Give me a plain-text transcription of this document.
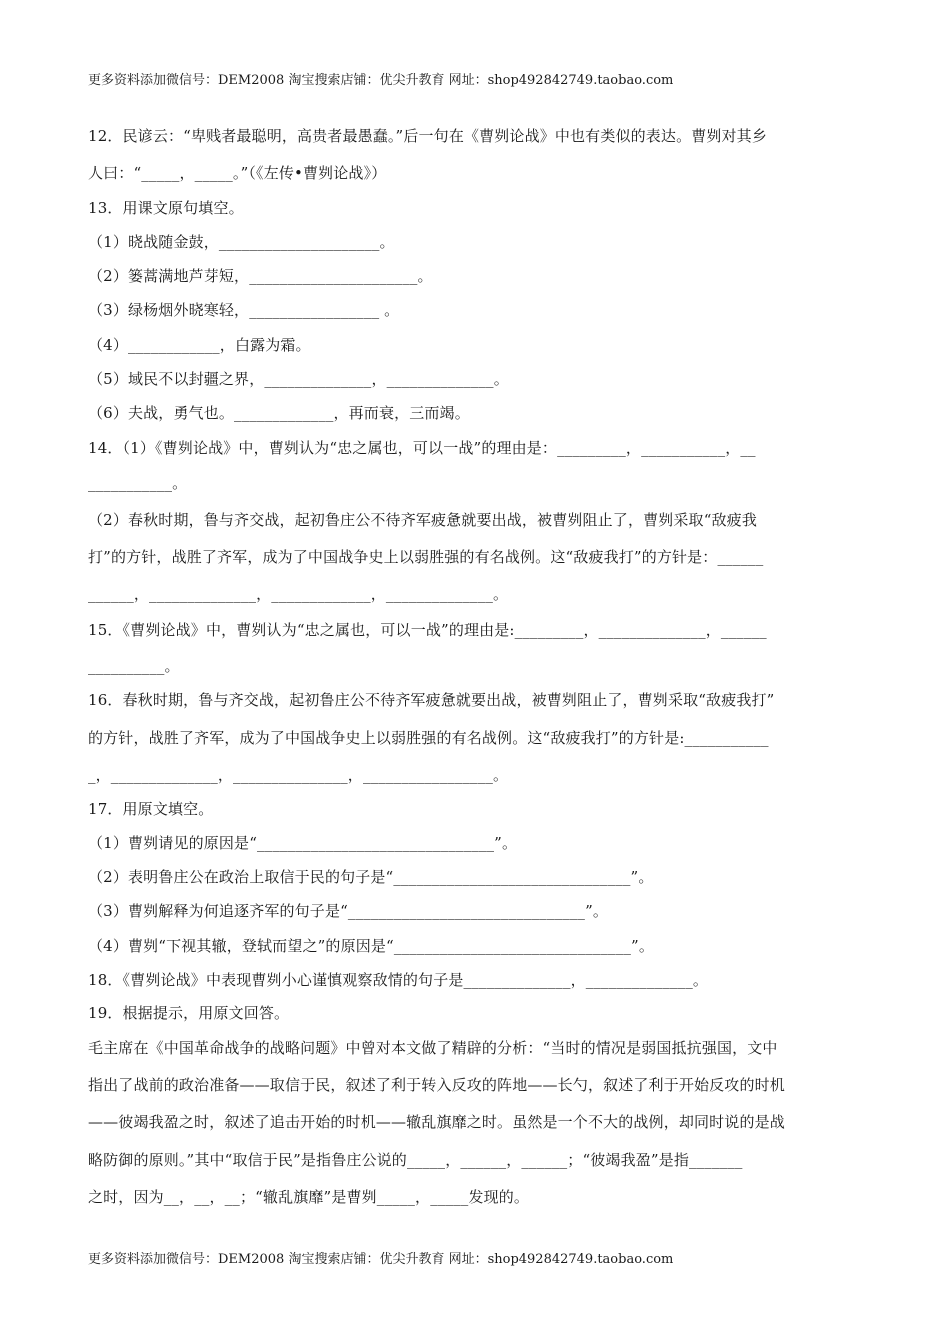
更多资料添加微信号：DEM2008 淘宝搜索店铺：优尖升教育 网址：shop492842749.taobao.com
12．民谚云：“卑贱者最聪明，高贵者最愚蠢。”后一句在《曹刿论战》中也有类似的表达。曹刿对其乡
人曰：“_____，_____。”（《左传•曹刿论战》）
13．用课文原句填空。
（1）晓战随金鼓，_____________________。
（2）篓蒿满地芦芽短，______________________。
（3）绿杨烟外晓寒轻，_________________ 。
（4）____________，白露为霜。
（5）域民不以封疆之界，______________，______________。
（6）夫战，勇气也。_____________，再而衰，三而竭。
14．（1）《曹刿论战》中，曹刿认为“忠之属也，可以一战”的理由是：_________，___________，__
___________。
（2）春秋时期，鲁与齐交战，起初鲁庄公不待齐军疲惫就要出战，被曹刿阻止了，曹刿采取“敌疲我
打”的方针，战胜了齐军，成为了中国战争史上以弱胜强的有名战例。这“敌疲我打”的方针是：______
______，______________，_____________，______________。
15．《曹刿论战》中，曹刿认为“忠之属也，可以一战”的理由是:_________，______________，______
__________。
16．春秋时期，鲁与齐交战，起初鲁庄公不待齐军疲惫就要出战，被曹刿阻止了，曹刿采取“敌疲我打”
的方针，战胜了齐军，成为了中国战争史上以弱胜强的有名战例。这“敌疲我打”的方针是:___________
_，______________，_______________，_________________。
17．用原文填空。
（1）曹刿请见的原因是“_______________________________”。
（2）表明鲁庄公在政治上取信于民的句子是“_______________________________”。
（3）曹刿解释为何追逐齐军的句子是“_______________________________”。
（4）曹刿“下视其辙，登轼而望之”的原因是“_______________________________”。
18．《曹刿论战》中表现曹刿小心谨慎观察敌情的句子是______________，______________。
19．根据提示，用原文回答。
毛主席在《中国革命战争的战略问题》中曾对本文做了精辟的分析：“当时的情况是弱国抵抗强国，文中
指出了战前的政治准备——取信于民，叙述了利于转入反攻的阵地——长勺，叙述了利于开始反攻的时机
——彼竭我盈之时，叙述了追击开始的时机——辙乱旗靡之时。虽然是一个不大的战例，却同时说的是战
略防御的原则。”其中“取信于民”是指鲁庄公说的_____，______，______；“彼竭我盈”是指_______
之时，因为__，__，__；“辙乱旗靡”是曹刿_____，_____发现的。
更多资料添加微信号：DEM2008 淘宝搜索店铺：优尖升教育 网址：shop492842749.taobao.com
